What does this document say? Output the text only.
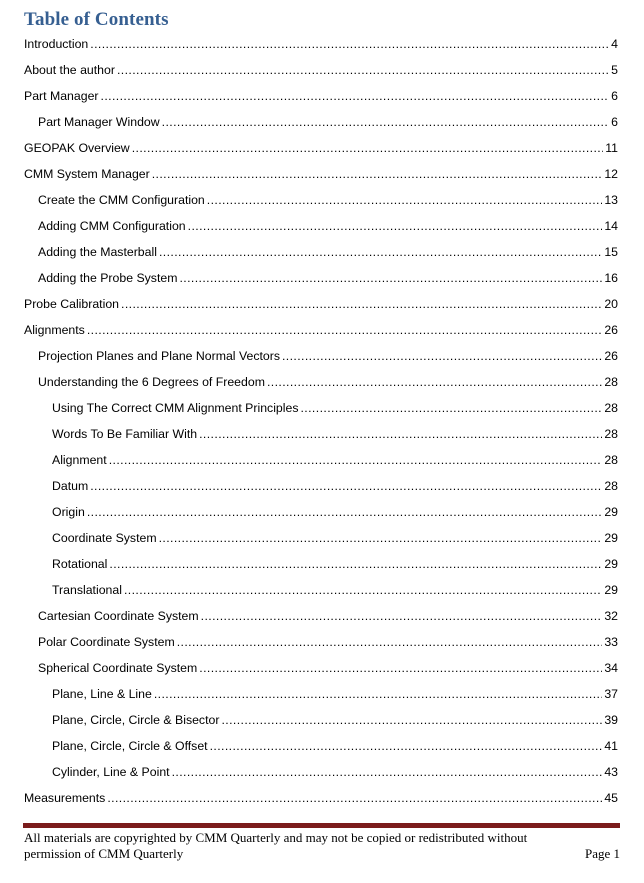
Table of Contents
Introduction .....	4
About the author .....	5
Part Manager .....	6
Part Manager Window .....	6
GEOPAK Overview .....	11
CMM System Manager .....	12
Create the CMM Configuration .....	13
Adding CMM Configuration .....	14
Adding the Masterball .....	15
Adding the Probe System .....	16
Probe Calibration .....	20
Alignments .....	26
Projection Planes and Plane Normal Vectors .....	26
Understanding the 6 Degrees of Freedom .....	28
Using The Correct CMM Alignment Principles .....	28
Words To Be Familiar With .....	28
Alignment .....	28
Datum .....	28
Origin .....	29
Coordinate System .....	29
Rotational .....	29
Translational .....	29
Cartesian Coordinate System .....	32
Polar Coordinate System .....	33
Spherical Coordinate System .....	34
Plane, Line & Line .....	37
Plane, Circle, Circle & Bisector .....	39
Plane, Circle, Circle & Offset .....	41
Cylinder, Line & Point .....	43
Measurements .....	45
All materials are copyrighted by CMM Quarterly and may not be copied or redistributed without
permission of CMM Quarterly	Page 1
